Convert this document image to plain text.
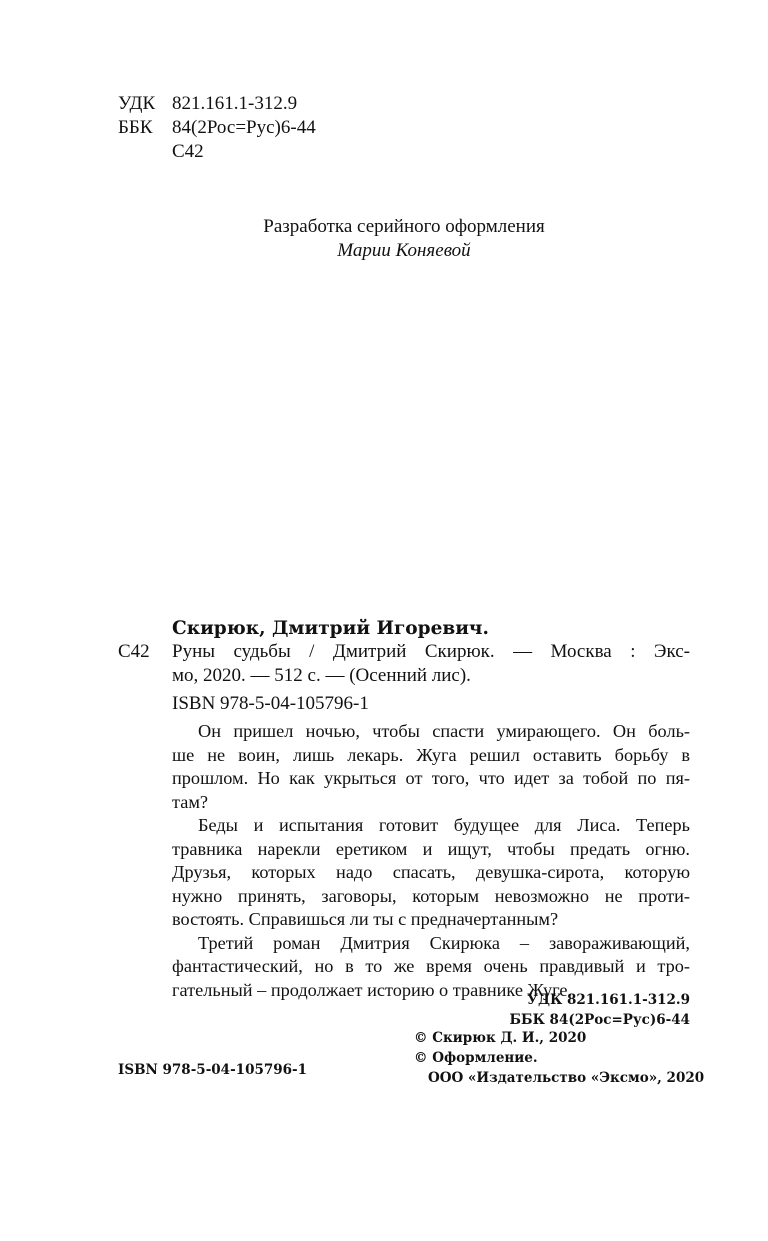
УДК 821.161.1-312.9
ББК 84(2Рос=Рус)6-44
С42
Разработка серийного оформления
Марии Коняевой
Скирюк, Дмитрий Игоревич.
С42 Руны судьбы / Дмитрий Скирюк. — Москва : Экс-
мо, 2020. — 512 с. — (Осенний лис).
ISBN 978-5-04-105796-1
Он пришел ночью, чтобы спасти умирающего. Он боль-
ше не воин, лишь лекарь. Жуга решил оставить борьбу в
прошлом. Но как укрыться от того, что идет за тобой по пя-
там?
Беды и испытания готовит будущее для Лиса. Теперь
травника нарекли еретиком и ищут, чтобы предать огню.
Друзья, которых надо спасать, девушка-сирота, которую
нужно принять, заговоры, которым невозможно не проти-
востоять. Справишься ли ты с предначертанным?
Третий роман Дмитрия Скирюка – завораживающий,
фантастический, но в то же время очень правдивый и тро-
гательный – продолжает историю о травнике Жуге.
УДК 821.161.1-312.9
ББК 84(2Рос=Рус)6-44
© Скирюк Д. И., 2020
© Оформление.
ООО «Издательство «Эксмо», 2020
ISBN 978-5-04-105796-1
